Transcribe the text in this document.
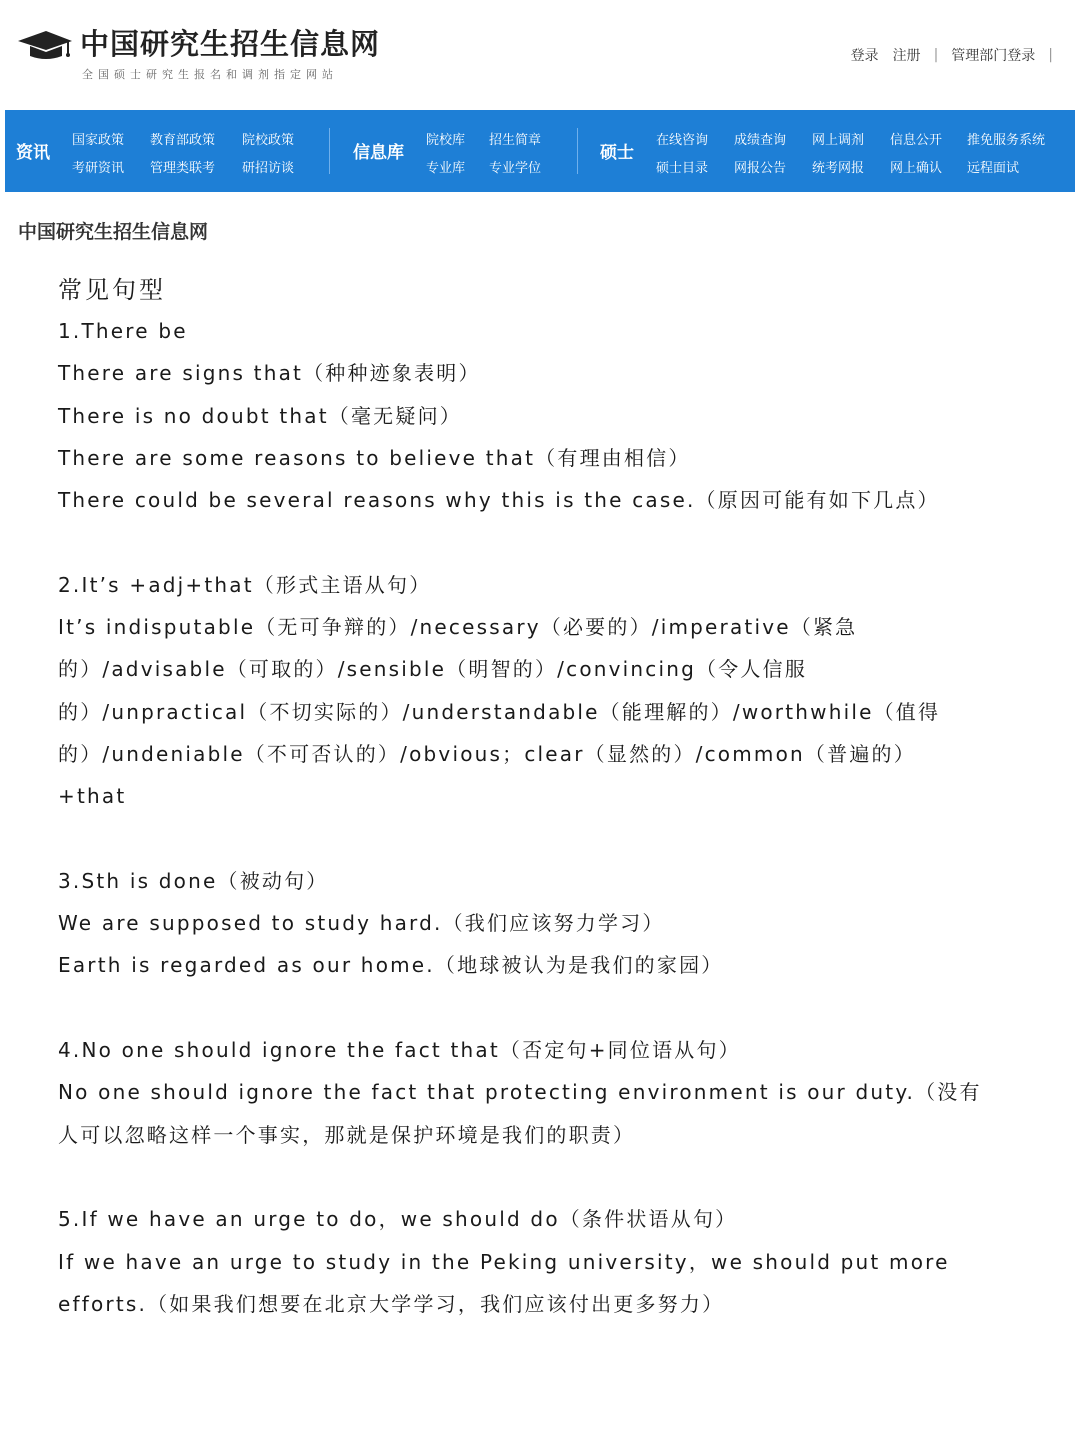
中国研究生招生信息网
全国硕士研究生报名和调剂指定网站
登录 注册 | 管理部门登录 |
资讯
国家政策 教育部政策 院校政策
考研资讯 管理类联考 研招访谈
信息库
院校库 招生简章
专业库 专业学位
硕士
在线咨询 成绩查询 网上调剂 信息公开 推免服务系统
硕士目录 网报公告 统考网报 网上确认 远程面试
中国研究生招生信息网
常见句型
1.There be
There are signs that（种种迹象表明）
There is no doubt that（毫无疑问）
There are some reasons to believe that（有理由相信）
There could be several reasons why this is the case.（原因可能有如下几点）
2.It’s +adj+that（形式主语从句）
It’s indisputable（无可争辩的）/necessary（必要的）/imperative（紧急
的）/advisable（可取的）/sensible（明智的）/convincing（令人信服
的）/unpractical（不切实际的）/understandable（能理解的）/worthwhile（值得
的）/undeniable（不可否认的）/obvious；clear（显然的）/common（普遍的）
+that
3.Sth is done（被动句）
We are supposed to study hard.（我们应该努力学习）
Earth is regarded as our home.（地球被认为是我们的家园）
4.No one should ignore the fact that（否定句+同位语从句）
No one should ignore the fact that protecting environment is our duty.（没有
人可以忽略这样一个事实，那就是保护环境是我们的职责）
5.If we have an urge to do，we should do（条件状语从句）
If we have an urge to study in the Peking university，we should put more
efforts.（如果我们想要在北京大学学习，我们应该付出更多努力）
